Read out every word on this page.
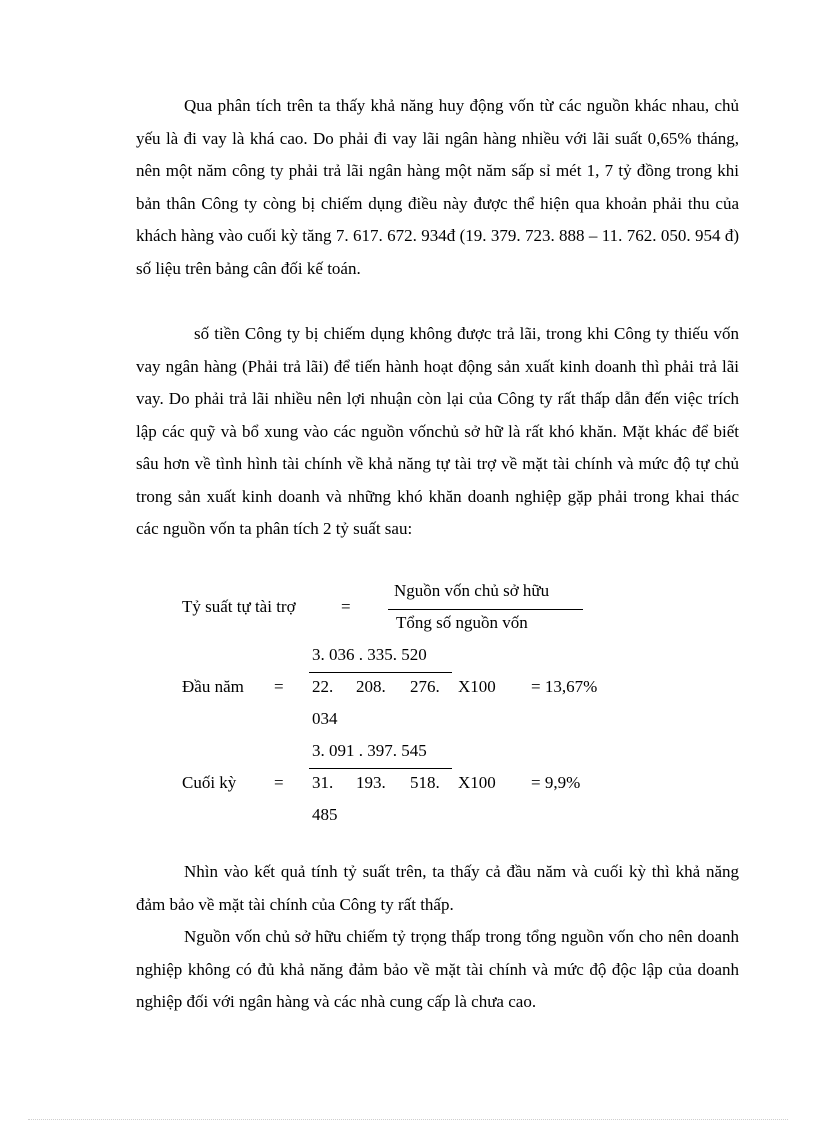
Qua phân tích trên ta thấy khả năng huy động vốn từ các nguồn khác nhau, chủ yếu là đi vay là khá cao. Do phải đi vay lãi ngân hàng nhiều với lãi suất 0,65% tháng, nên một năm công ty phải trả lãi ngân hàng một năm sấp sỉ mét 1, 7 tỷ đồng trong khi bản thân Công ty còng bị chiếm dụng điều này được thể hiện qua khoản phải thu của khách hàng vào cuối kỳ tăng 7. 617. 672. 934đ (19. 379. 723. 888 – 11. 762. 050. 954 đ) số liệu trên bảng cân đối kế toán.

số tiền Công ty bị chiếm dụng không được trả lãi, trong khi Công ty thiếu vốn vay ngân hàng (Phải trả lãi) để tiến hành hoạt động sản xuất kinh doanh thì phải trả lãi vay. Do phải trả lãi nhiều nên lợi nhuận còn lại của Công ty rất thấp dẫn đến việc trích lập các quỹ và bổ xung vào các nguồn vốnchủ sở hữ là rất khó khăn. Mặt khác để biết sâu hơn về tình hình tài chính về khả năng tự tài trợ về mặt tài chính và mức độ tự chủ trong sản xuất kinh doanh và những khó khăn doanh nghiệp gặp phải trong khai thác các nguồn vốn ta phân tích 2 tỷ suất sau:

Tỷ suất tự tài trợ	=
Nguồn vốn chủ sở hữu
Tổng số nguồn vốn
3. 036 . 335. 520
Đầu năm = 22. 208. 276. X100 = 13,67%
034
3. 091 . 397. 545
Cuối kỳ = 31. 193. 518. X100 = 9,9%
485

Nhìn vào kết quả tính tỷ suất trên, ta thấy cả đầu năm và cuối kỳ thì khả năng đảm bảo về mặt tài chính của Công ty rất thấp.

Nguồn vốn chủ sở hữu chiếm tỷ trọng thấp trong tổng nguồn vốn cho nên doanh nghiệp không có đủ khả năng đảm bảo về mặt tài chính và mức độ độc lập của doanh nghiệp đối với ngân hàng và các nhà cung cấp là chưa cao.
